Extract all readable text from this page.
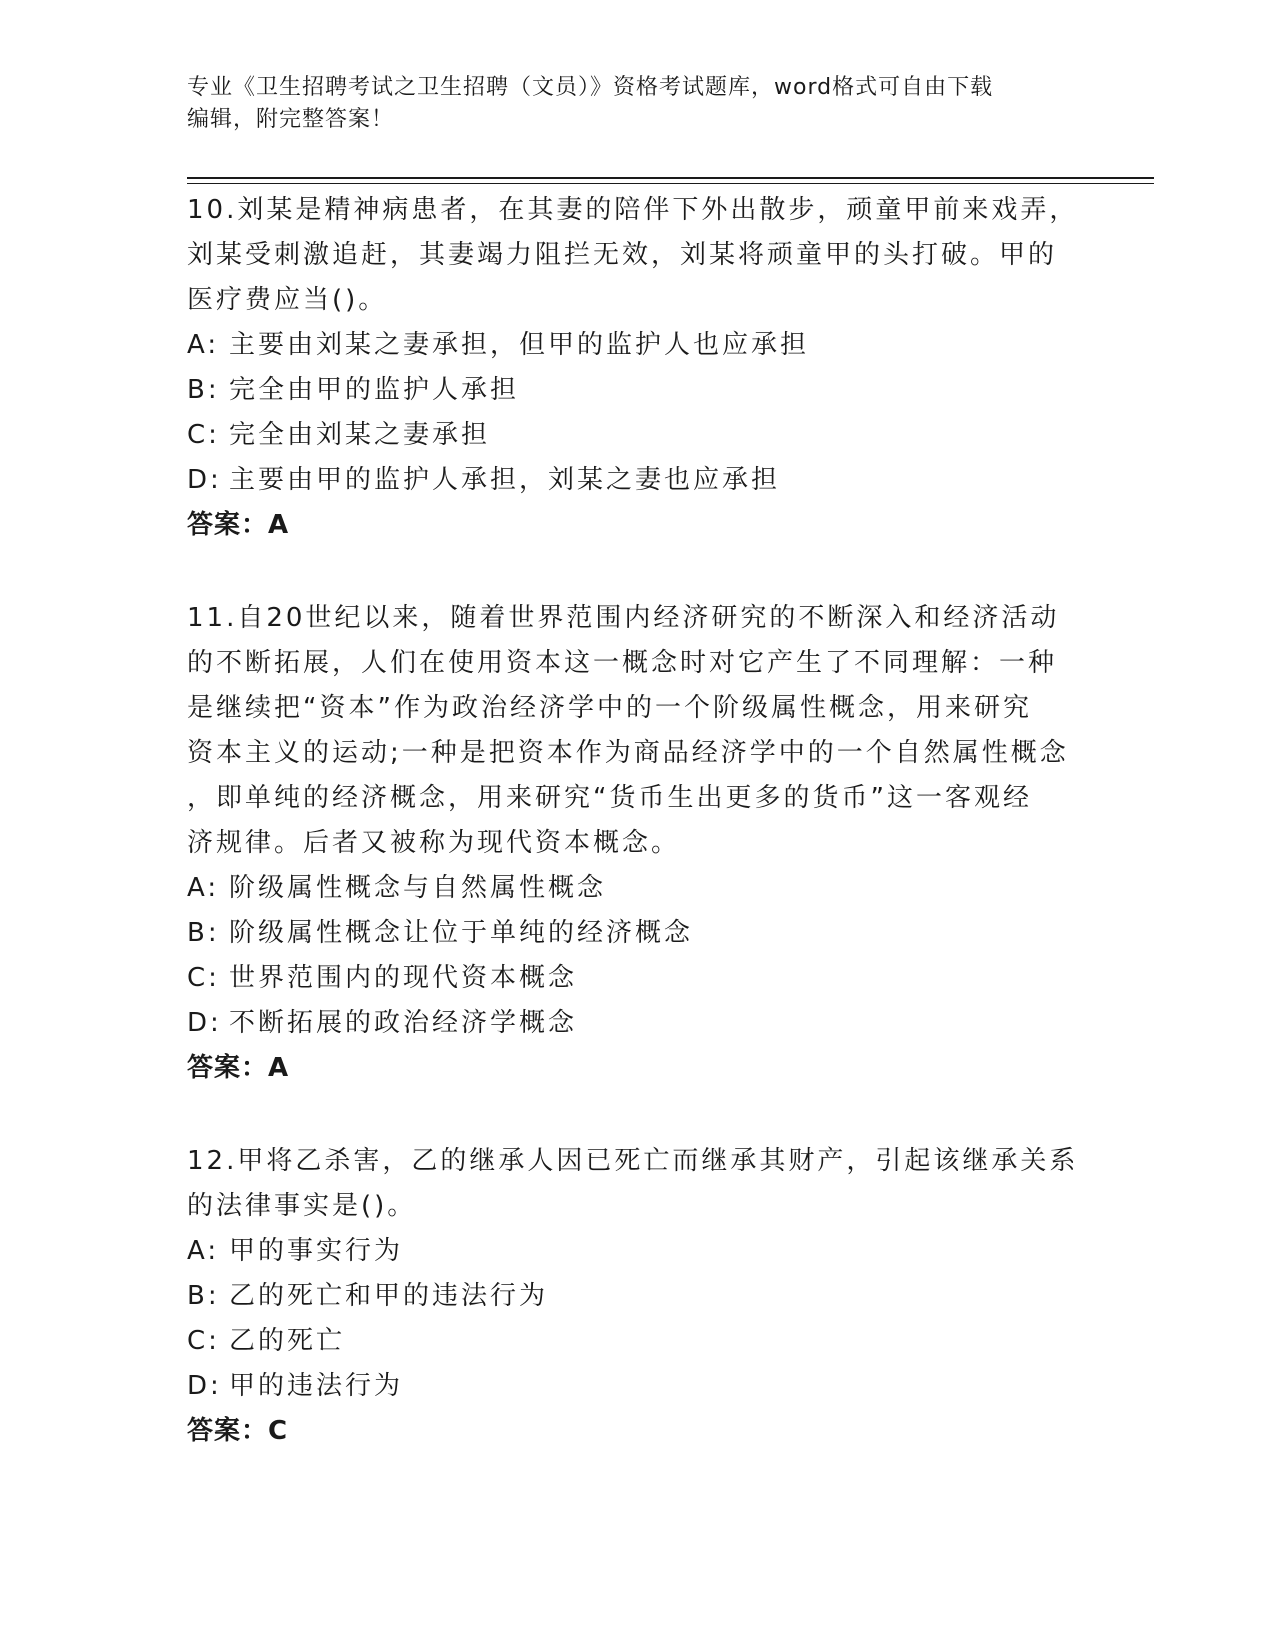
专业《卫生招聘考试之卫生招聘（文员）》资格考试题库，word格式可自由下载
编辑，附完整答案！
10.刘某是精神病患者，在其妻的陪伴下外出散步，顽童甲前来戏弄，
刘某受刺激追赶，其妻竭力阻拦无效，刘某将顽童甲的头打破。甲的
医疗费应当()。
A: 主要由刘某之妻承担，但甲的监护人也应承担
B: 完全由甲的监护人承担
C: 完全由刘某之妻承担
D: 主要由甲的监护人承担，刘某之妻也应承担
答案：A
11.自20世纪以来，随着世界范围内经济研究的不断深入和经济活动
的不断拓展，人们在使用资本这一概念时对它产生了不同理解：一种
是继续把“资本”作为政治经济学中的一个阶级属性概念，用来研究
资本主义的运动;一种是把资本作为商品经济学中的一个自然属性概念
，即单纯的经济概念，用来研究“货币生出更多的货币”这一客观经
济规律。后者又被称为现代资本概念。
A: 阶级属性概念与自然属性概念
B: 阶级属性概念让位于单纯的经济概念
C: 世界范围内的现代资本概念
D: 不断拓展的政治经济学概念
答案：A
12.甲将乙杀害，乙的继承人因已死亡而继承其财产，引起该继承关系
的法律事实是()。
A: 甲的事实行为
B: 乙的死亡和甲的违法行为
C: 乙的死亡
D: 甲的违法行为
答案：C
